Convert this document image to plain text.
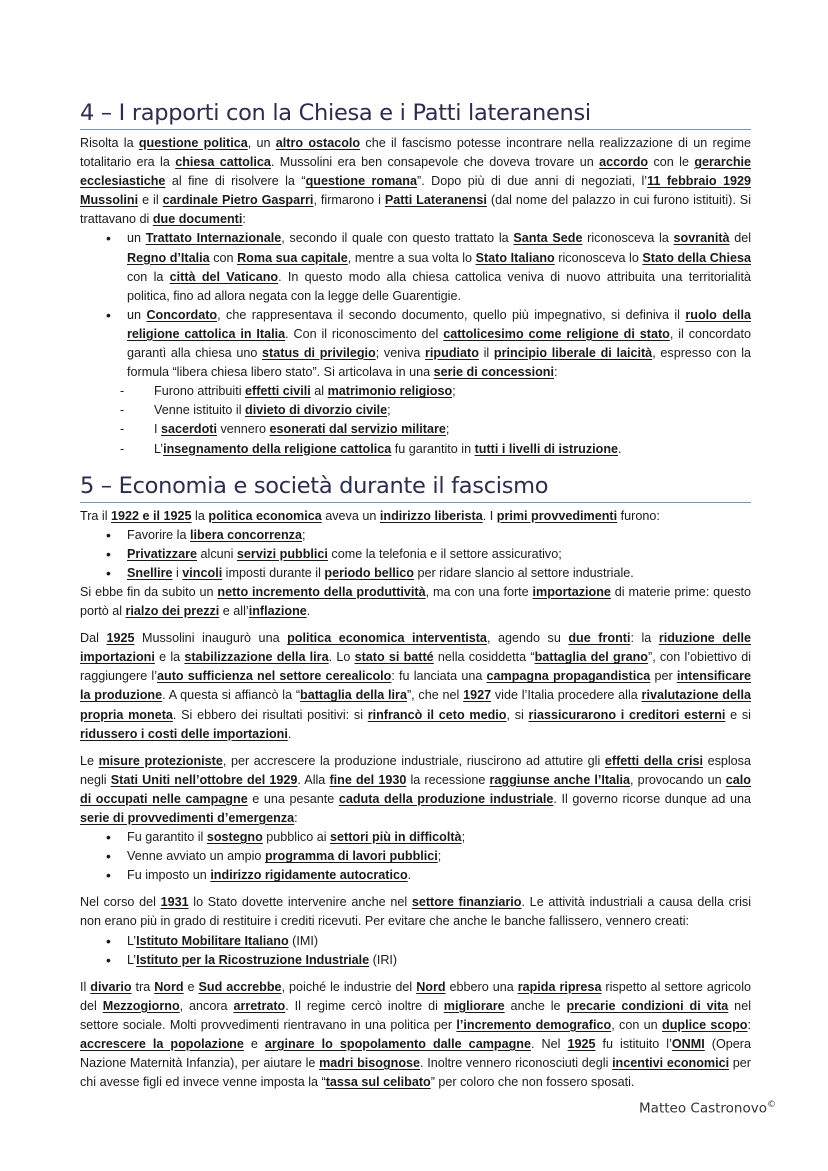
4 – I rapporti con la Chiesa e i Patti lateranensi

Risolta la questione politica, un altro ostacolo che il fascismo potesse incontrare nella realizzazione di un regime totalitario era la chiesa cattolica. Mussolini era ben consapevole che doveva trovare un accordo con le gerarchie ecclesiastiche al fine di risolvere la “questione romana”. Dopo più di due anni di negoziati, l’11 febbraio 1929 Mussolini e il cardinale Pietro Gasparri, firmarono i Patti Lateranensi (dal nome del palazzo in cui furono istituiti). Si trattavano di due documenti:

• un Trattato Internazionale, secondo il quale con questo trattato la Santa Sede riconosceva la sovranità del Regno d’Italia con Roma sua capitale, mentre a sua volta lo Stato Italiano riconosceva lo Stato della Chiesa con la città del Vaticano. In questo modo alla chiesa cattolica veniva di nuovo attribuita una territorialità politica, fino ad allora negata con la legge delle Guarentigie.
• un Concordato, che rappresentava il secondo documento, quello più impegnativo, si definiva il ruolo della religione cattolica in Italia. Con il riconoscimento del cattolicesimo come religione di stato, il concordato garantì alla chiesa uno status di privilegio; veniva ripudiato il principio liberale di laicità, espresso con la formula “libera chiesa libero stato”. Si articolava in una serie di concessioni:
- Furono attribuiti effetti civili al matrimonio religioso;
- Venne istituito il divieto di divorzio civile;
- I sacerdoti vennero esonerati dal servizio militare;
- L’insegnamento della religione cattolica fu garantito in tutti i livelli di istruzione.
5 – Economia e società durante il fascismo

Tra il 1922 e il 1925 la politica economica aveva un indirizzo liberista. I primi provvedimenti furono:

• Favorire la libera concorrenza;
• Privatizzare alcuni servizi pubblici come la telefonia e il settore assicurativo;
• Snellire i vincoli imposti durante il periodo bellico per ridare slancio al settore industriale.

Si ebbe fin da subito un netto incremento della produttività, ma con una forte importazione di materie prime: questo portò al rialzo dei prezzi e all’inflazione.

Dal 1925 Mussolini inaugurò una politica economica interventista, agendo su due fronti: la riduzione delle importazioni e la stabilizzazione della lira. Lo stato si batté nella cosiddetta “battaglia del grano”, con l’obiettivo di raggiungere l’auto sufficienza nel settore cerealicolo: fu lanciata una campagna propagandistica per intensificare la produzione. A questa si affiancò la “battaglia della lira”, che nel 1927 vide l’Italia procedere alla rivalutazione della propria moneta. Si ebbero dei risultati positivi: si rinfrancò il ceto medio, si riassicurarono i creditori esterni e si ridussero i costi delle importazioni.

Le misure protezioniste, per accrescere la produzione industriale, riuscirono ad attutire gli effetti della crisi esplosa negli Stati Uniti nell’ottobre del 1929. Alla fine del 1930 la recessione raggiunse anche l’Italia, provocando un calo di occupati nelle campagne e una pesante caduta della produzione industriale. Il governo ricorse dunque ad una serie di provvedimenti d’emergenza:

• Fu garantito il sostegno pubblico ai settori più in difficoltà;
• Venne avviato un ampio programma di lavori pubblici;
• Fu imposto un indirizzo rigidamente autocratico.

Nel corso del 1931 lo Stato dovette intervenire anche nel settore finanziario. Le attività industriali a causa della crisi non erano più in grado di restituire i crediti ricevuti. Per evitare che anche le banche fallissero, vennero creati:

• L’Istituto Mobilitare Italiano (IMI)
• L’Istituto per la Ricostruzione Industriale (IRI)

Il divario tra Nord e Sud accrebbe, poiché le industrie del Nord ebbero una rapida ripresa rispetto al settore agricolo del Mezzogiorno, ancora arretrato. Il regime cercò inoltre di migliorare anche le precarie condizioni di vita nel settore sociale. Molti provvedimenti rientravano in una politica per l’incremento demografico, con un duplice scopo: accrescere la popolazione e arginare lo spopolamento dalle campagne. Nel 1925 fu istituito l’ONMI (Opera Nazione Maternità Infanzia), per aiutare le madri bisognose. Inoltre vennero riconosciuti degli incentivi economici per chi avesse figli ed invece venne imposta la “tassa sul celibato” per coloro che non fossero sposati.

Matteo Castronovo©
